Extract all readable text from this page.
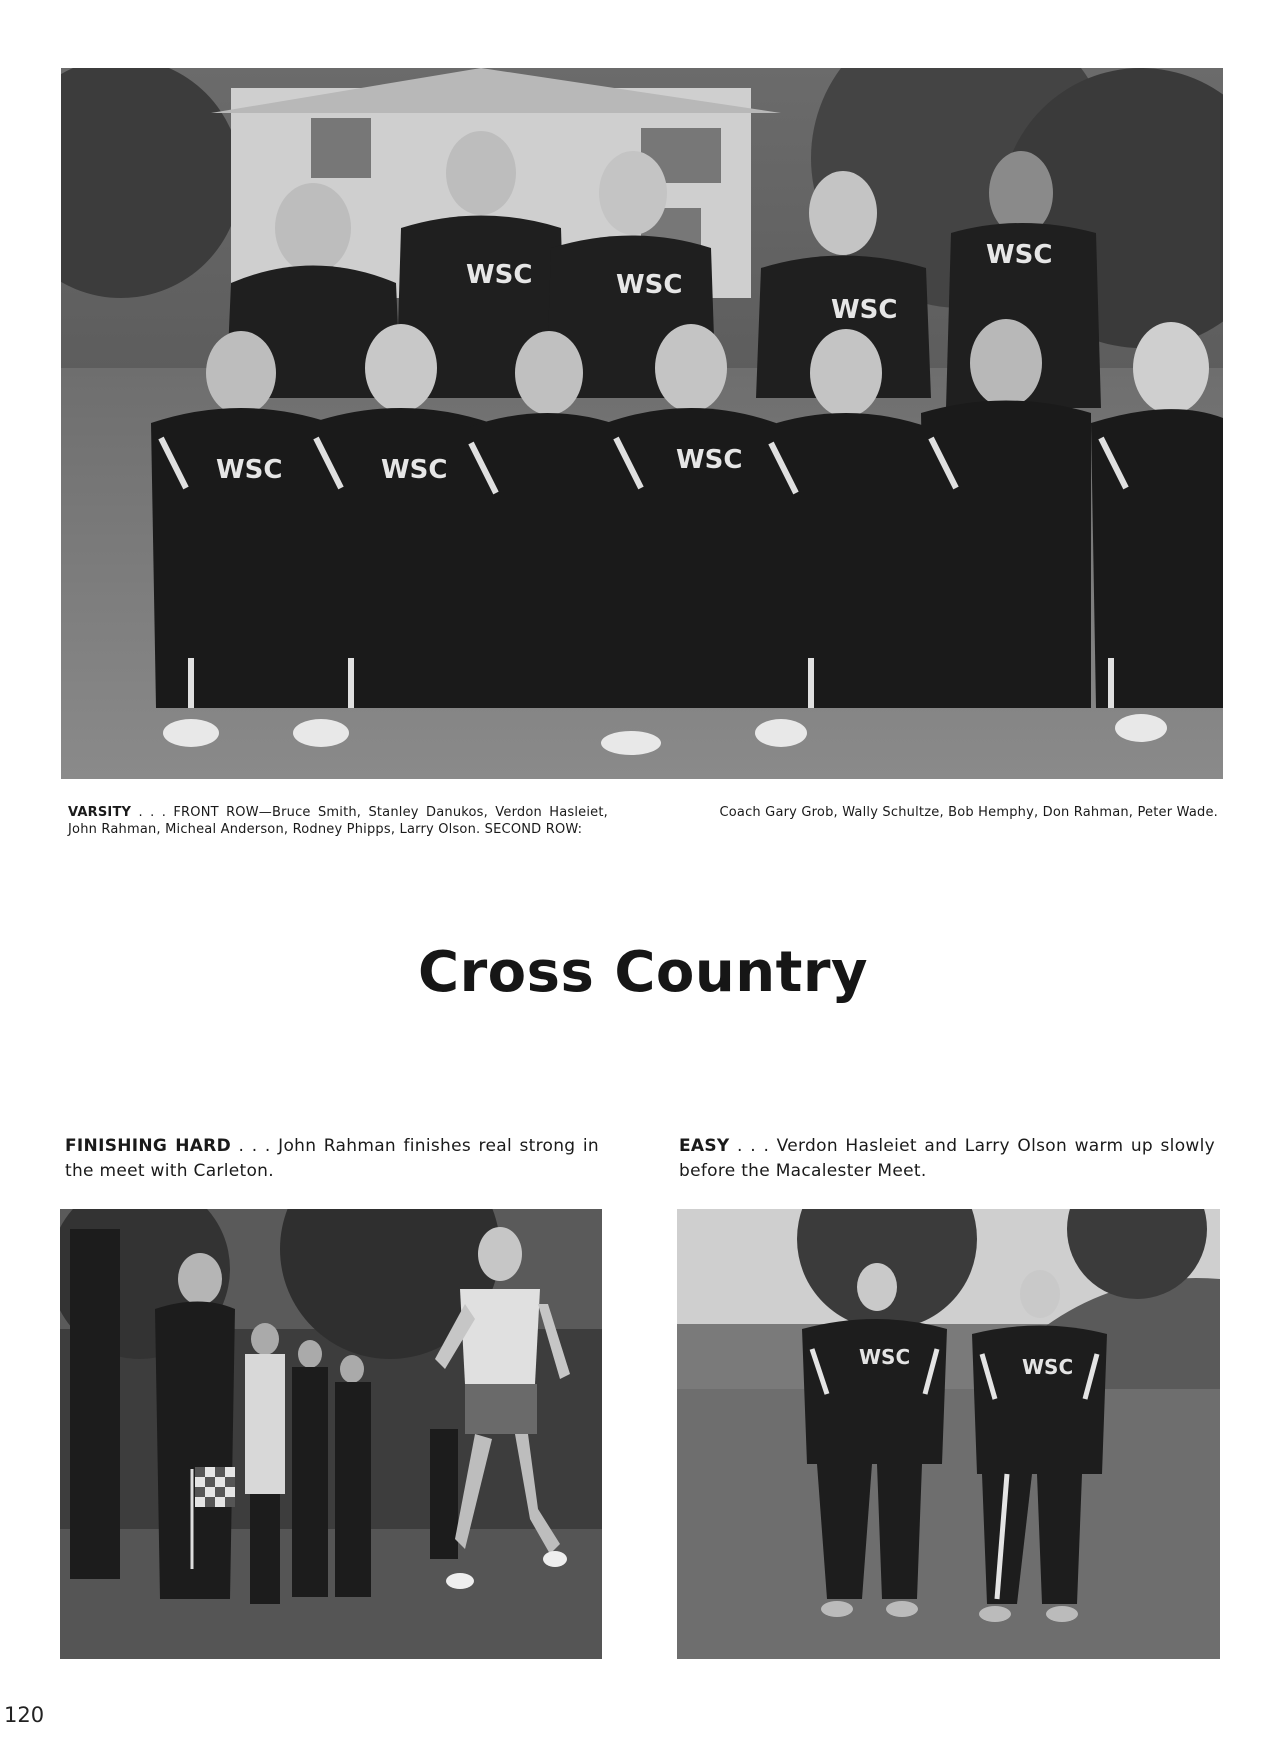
WSC	WSC
WSC
WSC
WSC	WSC	WSC
VARSITY . . . FRONT ROW—Bruce Smith, Stanley Danukos, Verdon Hasleiet, John Rahman, Micheal Anderson, Rodney Phipps, Larry Olson. SECOND ROW:
Coach Gary Grob, Wally Schultze, Bob Hemphy, Don Rahman, Peter Wade.
Cross Country
FINISHING HARD . . . John Rahman finishes real strong in the meet with Carleton.
EASY . . . Verdon Hasleiet and Larry Olson warm up slowly before the Macalester Meet.
WSC	WSC
120
